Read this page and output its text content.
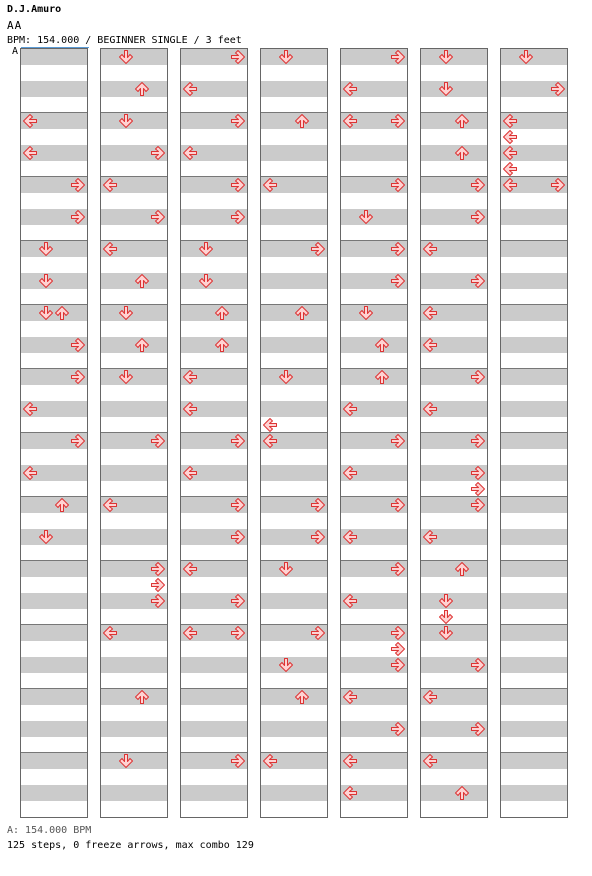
D.J.Amuro
AA
BPM: 154.000 / BEGINNER SINGLE / 3 feet
A
A: 154.000 BPM
125 steps, 0 freeze arrows, max combo 129
